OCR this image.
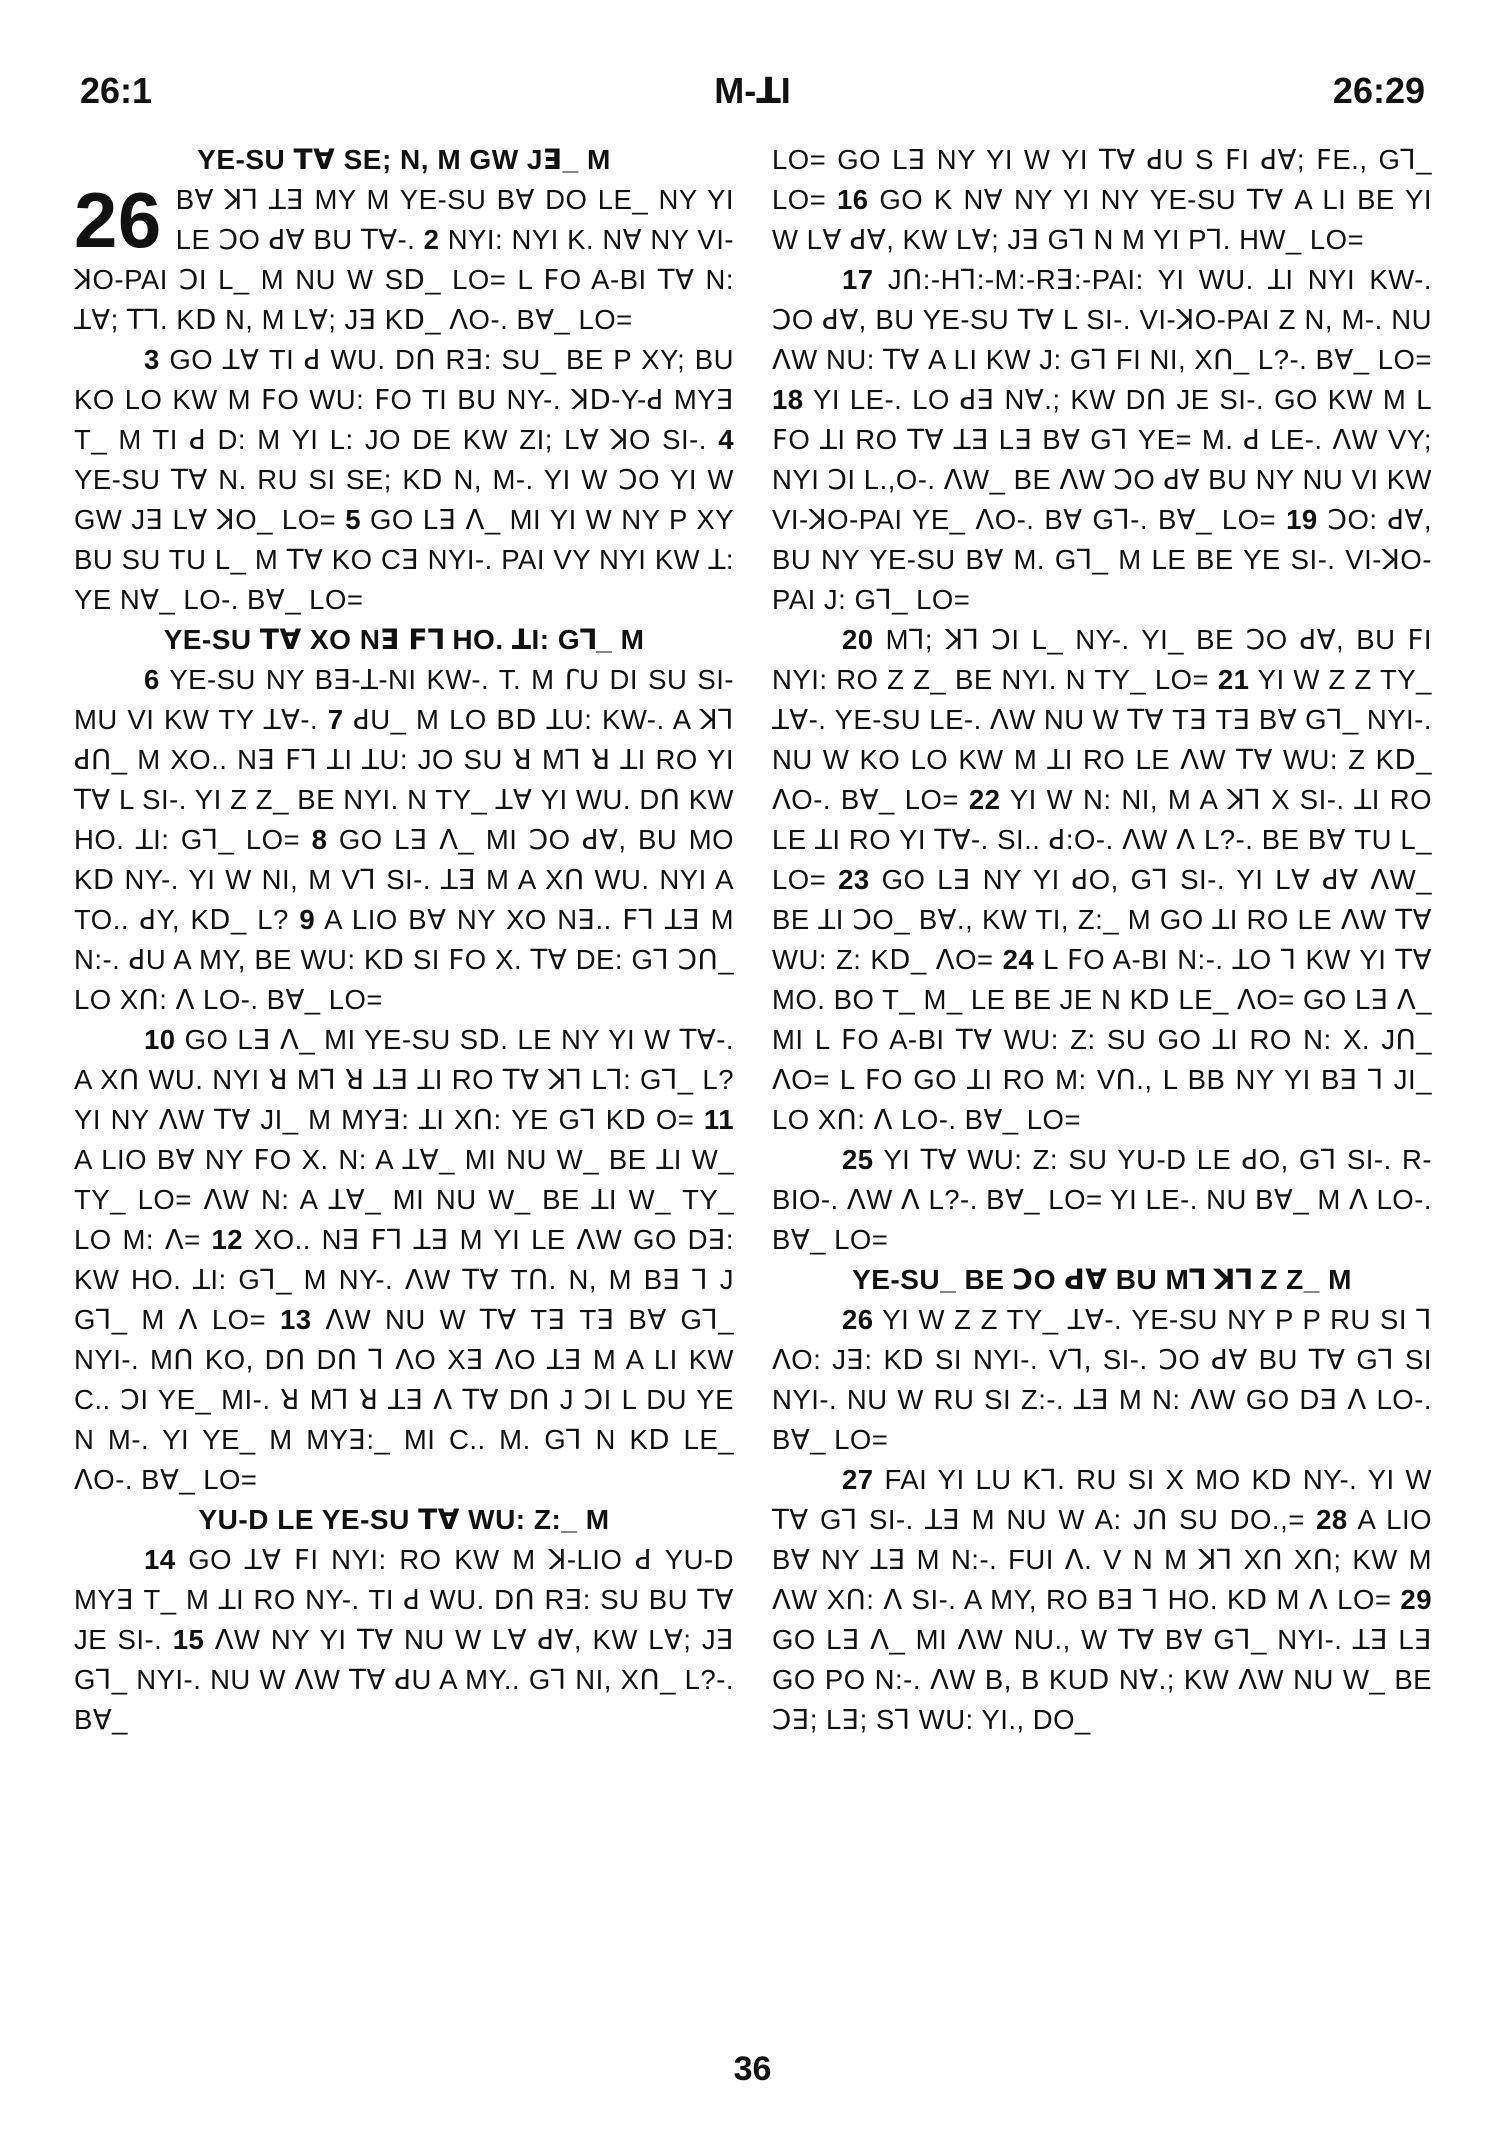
26:1	M-ꓕI	26:29
YE-SU ꓔꓯ SE; N, M GW Jꓱ_ M

26 Bꓯ ꓘꓶ ꓕꓱ MY M YE-SU Bꓯ DO LE_ NY YI LE ꓛO ꓒꓯ BU ꓔꓯ-. 2 NYI: NYI K. Nꓯ NY VI-ꓘO-PAI ꓛI L_ M NU W Sꓓ_ LO= L ꓝO A-BI ꓔꓯ N: ꓕꓯ; ꓔꓶ. Kꓓ N, M Lꓯ; Jꓱ Kꓓ_ ꓥO-. Bꓯ_ LO=

3 GO ꓕꓯ TI ꓒ WU. Dꓵ Rꓱ: SU_ BE P XY; BU KO LO KW M ꓝO WU: ꓝO TI BU NY-. ꓘꓓ-Y-ꓒ MYꓱ T_ M TI ꓒ D: M YI L: JO DE KW ZI; Lꓯ ꓘO SI-. 4 YE-SU ꓔꓯ N. RU SI SE; Kꓓ N, M-. YI W ꓛO YI W GW Jꓱ Lꓯ ꓘO_ LO= 5 GO Lꓱ ꓥ_ MI YI W NY P XY BU SU TU L_ M ꓔꓯ KO Cꓱ NYI-. PAI VY NYI KW ꓕ: YE Nꓯ_ LO-. Bꓯ_ LO=

YE-SU ꓔꓯ XO Nꓱ ꓝꓶ HO. ꓕI: Gꓶ_ M

6 YE-SU NY Bꓱ-ꓕ-NI KW-. T. M ꓩU DI SU SI-MU VI KW TY ꓕꓯ-. 7 ꓒU_ M LO Bꓓ ꓕU: KW-. A ꓘꓶ ꓒꓵ_ M XO.. Nꓱ ꓝꓶ ꓕI ꓕU: JO SU ꓤ Mꓶ ꓤ ꓕI RO YI ꓔꓯ L SI-. YI Z Z_ BE NYI. N TY_ ꓕꓯ YI WU. Dꓵ KW HO. ꓕI: Gꓶ_ LO= 8 GO Lꓱ ꓥ_ MI ꓛO ꓒꓯ, BU MO Kꓓ NY-. YI W NI, M Vꓶ SI-. ꓕꓱ M A Xꓵ WU. NYI A TO.. ꓒY, Kꓓ_ L? 9 A LIO Bꓯ NY XO Nꓱ.. ꓝꓶ ꓕꓱ M N:-. ꓒU A MY, BE WU: Kꓓ SI ꓝO X. ꓔꓯ DE: Gꓶ ꓛꓵ_ LO Xꓵ: ꓥ LO-. Bꓯ_ LO=

10 GO Lꓱ ꓥ_ MI YE-SU Sꓓ. LE NY YI W ꓔꓯ-. A Xꓵ WU. NYI ꓤ Mꓶ ꓤ ꓕꓱ ꓕI RO ꓔꓯ ꓘꓶ Lꓶ: Gꓶ_ L? YI NY ꓥW ꓔꓯ JI_ M MYꓱ: ꓕI Xꓵ: YE Gꓶ Kꓓ O= 11 A LIO Bꓯ NY ꓝO X. N: A ꓕꓯ_ MI NU W_ BE ꓕI W_ TY_ LO= ꓥW N: A ꓕꓯ_ MI NU W_ BE ꓕI W_ TY_ LO M: ꓥ= 12 XO.. Nꓱ ꓝꓶ ꓕꓱ M YI LE ꓥW GO Dꓱ: KW HO. ꓕI: Gꓶ_ M NY-. ꓥW ꓔꓯ Tꓵ. N, M Bꓱ ꓶ J Gꓶ_ M ꓥ LO= 13 ꓥW NU W ꓔꓯ Tꓱ Tꓱ Bꓯ Gꓶ_ NYI-. Mꓵ KO, Dꓵ Dꓵ ꓶ ꓥO Xꓱ ꓥO ꓕꓱ M A LI KW C.. ꓛI YE_ MI-. ꓤ Mꓶ ꓤ ꓕꓱ ꓥ ꓔꓯ Dꓵ J ꓛI L DU YE N M-. YI YE_ M MYꓱ:_ MI C.. M. Gꓶ N Kꓓ LE_ ꓥO-. Bꓯ_ LO=

YU-D LE YE-SU ꓔꓯ WU: Z:_ M

14 GO ꓕꓯ ꓝI NYI: RO KW M ꓘ-LIO ꓒ YU-D MYꓱ T_ M ꓕI RO NY-. TI ꓒ WU. Dꓵ Rꓱ: SU BU ꓔꓯ JE SI-. 15 ꓥW NY YI ꓔꓯ NU W Lꓯ ꓒꓯ, KW Lꓯ; Jꓱ Gꓶ_ NYI-. NU W ꓥW ꓔꓯ ꓒU A MY.. Gꓶ NI, Xꓵ_ L?-. Bꓯ_

LO= GO Lꓱ NY YI W YI ꓔꓯ ꓒU S ꓝI ꓒꓯ; ꓝE., Gꓶ_ LO= 16 GO K Nꓯ NY YI NY YE-SU ꓔꓯ A LI BE YI W Lꓯ ꓒꓯ, KW Lꓯ; Jꓱ Gꓶ N M YI Pꓶ. HW_ LO=

17 Jꓵ:-Hꓶ:-M:-Rꓱ:-PAI: YI WU. ꓕI NYI KW-. ꓛO ꓒꓯ, BU YE-SU ꓔꓯ L SI-. VI-ꓘO-PAI Z N, M-. NU ꓥW NU: ꓔꓯ A LI KW J: Gꓶ FI NI, Xꓵ_ L?-. Bꓯ_ LO= 18 YI LE-. LO ꓒꓱ Nꓯ.; KW Dꓵ JE SI-. GO KW M L ꓝO ꓕI RO ꓔꓯ ꓕꓱ Lꓱ Bꓯ Gꓶ YE= M. ꓒ LE-. ꓥW VY; NYI ꓛI L.,O-. ꓥW_ BE ꓥW ꓛO ꓒꓯ BU NY NU VI KW VI-ꓘO-PAI YE_ ꓥO-. Bꓯ Gꓶ-. Bꓯ_ LO= 19 ꓛO: ꓒꓯ, BU NY YE-SU Bꓯ M. Gꓶ_ M LE BE YE SI-. VI-ꓘO-PAI J: Gꓶ_ LO=

20 Mꓶ; ꓘꓶ ꓛI L_ NY-. YI_ BE ꓛO ꓒꓯ, BU ꓝI NYI: RO Z Z_ BE NYI. N TY_ LO= 21 YI W Z Z TY_ ꓕꓯ-. YE-SU LE-. ꓥW NU W ꓔꓯ Tꓱ Tꓱ Bꓯ Gꓶ_ NYI-. NU W KO LO KW M ꓕI RO LE ꓥW ꓔꓯ WU: Z Kꓓ_ ꓥO-. Bꓯ_ LO= 22 YI W N: NI, M A ꓘꓶ X SI-. ꓕI RO LE ꓕI RO YI ꓔꓯ-. SI.. ꓒ:O-. ꓥW ꓥ L?-. BE Bꓯ TU L_ LO= 23 GO Lꓱ NY YI ꓒO, Gꓶ SI-. YI Lꓯ ꓒꓯ ꓥW_ BE ꓕI ꓛO_ Bꓯ., KW TI, Z:_ M GO ꓕI RO LE ꓥW ꓔꓯ WU: Z: Kꓓ_ ꓥO= 24 L ꓝO A-BI N:-. ꓕO ꓶ KW YI ꓔꓯ MO. BO T_ M_ LE BE JE N Kꓓ LE_ ꓥO= GO Lꓱ ꓥ_ MI L ꓝO A-BI ꓔꓯ WU: Z: SU GO ꓕI RO N: X. Jꓵ_ ꓥO= L ꓝO GO ꓕI RO M: Vꓵ., L BB NY YI Bꓱ ꓶ JI_ LO Xꓵ: ꓥ LO-. Bꓯ_ LO=

25 YI ꓔꓯ WU: Z: SU YU-D LE ꓒO, Gꓶ SI-. R-BIO-. ꓥW ꓥ L?-. Bꓯ_ LO= YI LE-. NU Bꓯ_ M ꓥ LO-. Bꓯ_ LO=

YE-SU_ BE ꓛO ꓒꓯ BU Mꓶ ꓘꓶ Z Z_ M

26 YI W Z Z TY_ ꓕꓯ-. YE-SU NY P P RU SI ꓶ ꓥO: Jꓱ: Kꓓ SI NYI-. Vꓶ, SI-. ꓛO ꓒꓯ BU ꓔꓯ Gꓶ SI NYI-. NU W RU SI Z:-. ꓕꓱ M N: ꓥW GO Dꓱ ꓥ LO-. Bꓯ_ LO=

27 FAI YI LU Kꓶ. RU SI X MO Kꓓ NY-. YI W ꓔꓯ Gꓶ SI-. ꓕꓱ M NU W A: Jꓵ SU DO.,= 28 A LIO Bꓯ NY ꓕꓱ M N:-. FUI ꓥ. V N M ꓘꓶ Xꓵ Xꓵ; KW M ꓥW Xꓵ: ꓥ SI-. A MY, RO Bꓱ ꓶ HO. Kꓓ M ꓥ LO= 29 GO Lꓱ ꓥ_ MI ꓥW NU., W ꓔꓯ Bꓯ Gꓶ_ NYI-. ꓕꓱ Lꓱ GO PO N:-. ꓥW B, B KUꓓ Nꓯ.; KW ꓥW NU W_ BE ꓛꓱ; Lꓱ; Sꓶ WU: YI., DO_

36
